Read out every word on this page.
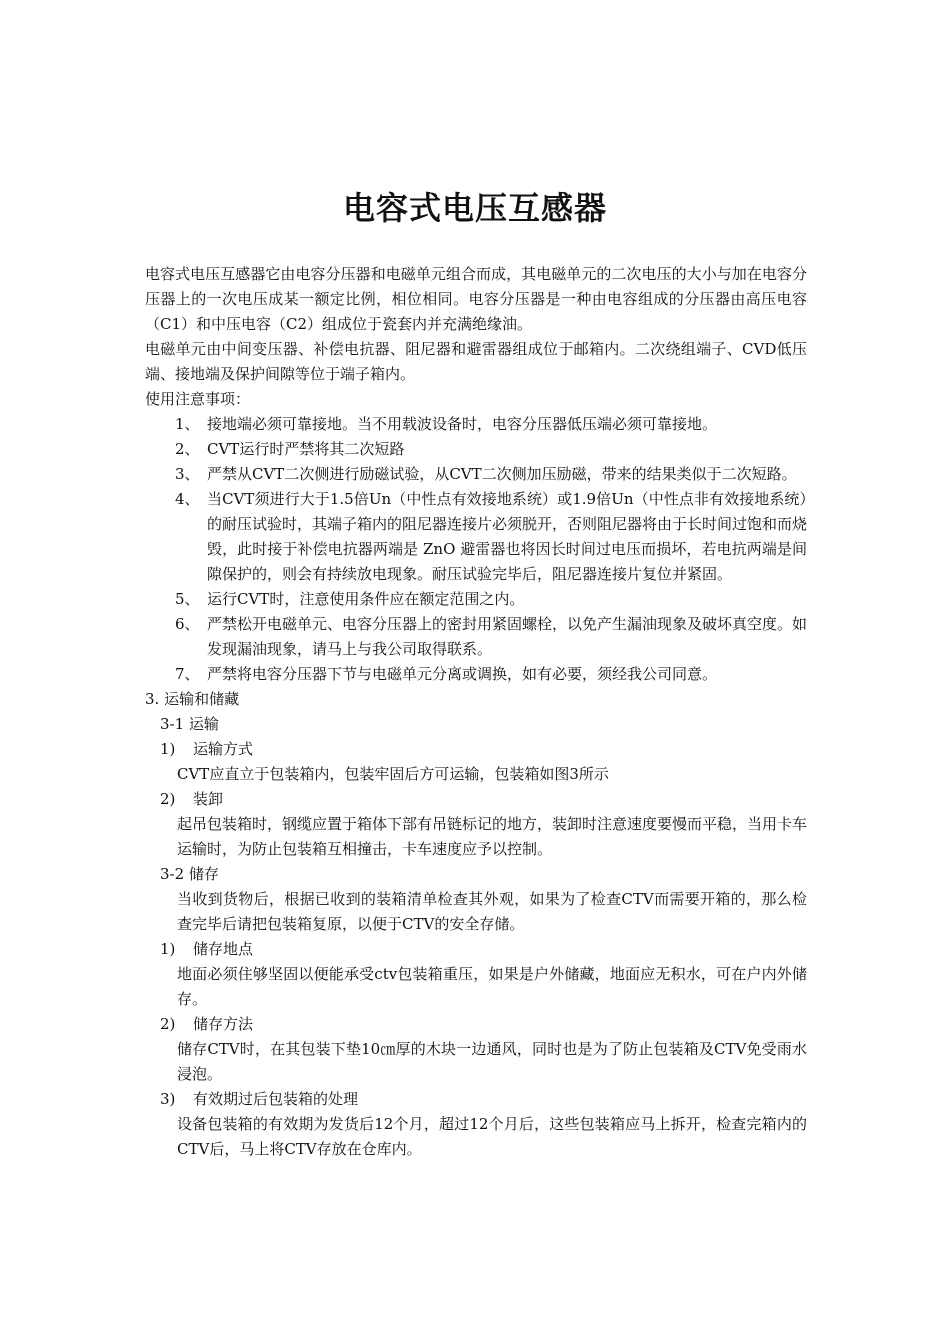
电容式电压互感器

电容式电压互感器它由电容分压器和电磁单元组合而成，其电磁单元的二次电压的大小与加在电容分压器上的一次电压成某一额定比例，相位相同。电容分压器是一种由电容组成的分压器由高压电容（C1）和中压电容（C2）组成位于瓷套内并充满绝缘油。

电磁单元由中间变压器、补偿电抗器、阻尼器和避雷器组成位于邮箱内。二次绕组端子、CVD低压端、接地端及保护间隙等位于端子箱内。

使用注意事项：

1、 接地端必须可靠接地。当不用载波设备时，电容分压器低压端必须可靠接地。

2、 CVT运行时严禁将其二次短路

3、 严禁从CVT二次侧进行励磁试验，从CVT二次侧加压励磁，带来的结果类似于二次短路。

4、 当CVT须进行大于1.5倍Un（中性点有效接地系统）或1.9倍Un（中性点非有效接地系统）的耐压试验时，其端子箱内的阻尼器连接片必须脱开，否则阻尼器将由于长时间过饱和而烧毁，此时接于补偿电抗器两端是 ZnO 避雷器也将因长时间过电压而损坏，若电抗两端是间隙保护的，则会有持续放电现象。耐压试验完毕后，阻尼器连接片复位并紧固。

5、 运行CVT时，注意使用条件应在额定范围之内。

6、 严禁松开电磁单元、电容分压器上的密封用紧固螺栓，以免产生漏油现象及破坏真空度。如发现漏油现象，请马上与我公司取得联系。

7、 严禁将电容分压器下节与电磁单元分离或调换，如有必要，须经我公司同意。

3. 运输和储藏

3-1 运输

1) 运输方式

CVT应直立于包装箱内，包装牢固后方可运输，包装箱如图3所示

2) 装卸

起吊包装箱时，钢缆应置于箱体下部有吊链标记的地方，装卸时注意速度要慢而平稳，当用卡车运输时，为防止包装箱互相撞击，卡车速度应予以控制。

3-2 储存

当收到货物后，根据已收到的装箱清单检查其外观，如果为了检查CTV而需要开箱的，那么检查完毕后请把包装箱复原，以便于CTV的安全存储。

1) 储存地点

地面必须住够坚固以便能承受ctv包装箱重压，如果是户外储藏，地面应无积水，可在户内外储存。

2) 储存方法

储存CTV时，在其包装下垫10㎝厚的木块一边通风，同时也是为了防止包装箱及CTV免受雨水浸泡。

3) 有效期过后包装箱的处理

设备包装箱的有效期为发货后12个月，超过12个月后，这些包装箱应马上拆开，检查完箱内的CTV后，马上将CTV存放在仓库内。
